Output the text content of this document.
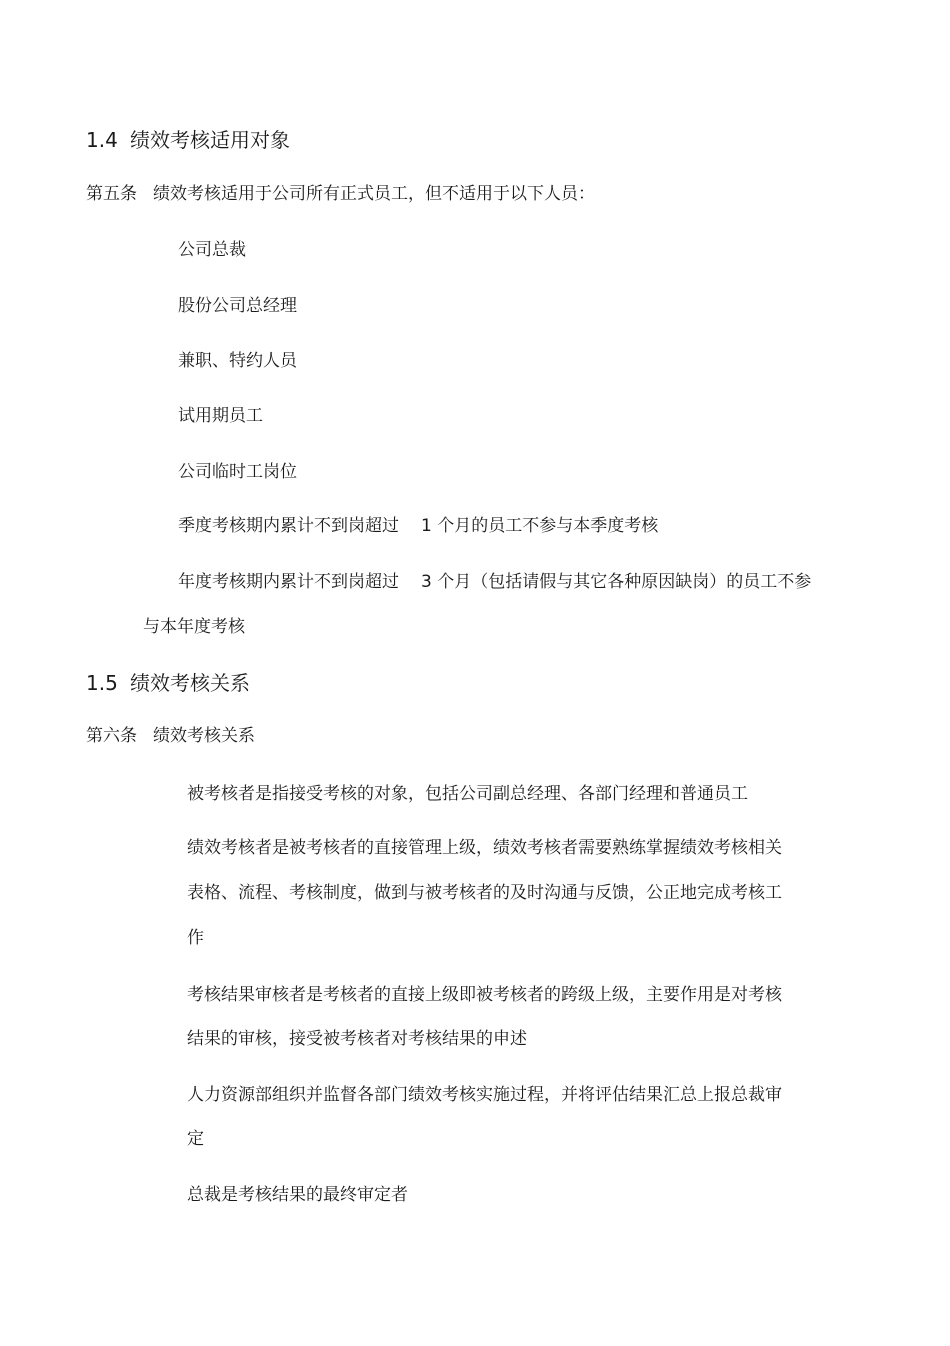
1.4 绩效考核适用对象
第五条 绩效考核适用于公司所有正式员工，但不适用于以下人员：
公司总裁
股份公司总经理
兼职、特约人员
试用期员工
公司临时工岗位
季度考核期内累计不到岗超过 1 个月的员工不参与本季度考核
年度考核期内累计不到岗超过 3 个月（包括请假与其它各种原因缺岗）的员工不参
与本年度考核
1.5 绩效考核关系
第六条 绩效考核关系
被考核者是指接受考核的对象，包括公司副总经理、各部门经理和普通员工
绩效考核者是被考核者的直接管理上级，绩效考核者需要熟练掌握绩效考核相关
表格、流程、考核制度，做到与被考核者的及时沟通与反馈，公正地完成考核工
作
考核结果审核者是考核者的直接上级即被考核者的跨级上级，主要作用是对考核
结果的审核，接受被考核者对考核结果的申述
人力资源部组织并监督各部门绩效考核实施过程，并将评估结果汇总上报总裁审
定
总裁是考核结果的最终审定者
